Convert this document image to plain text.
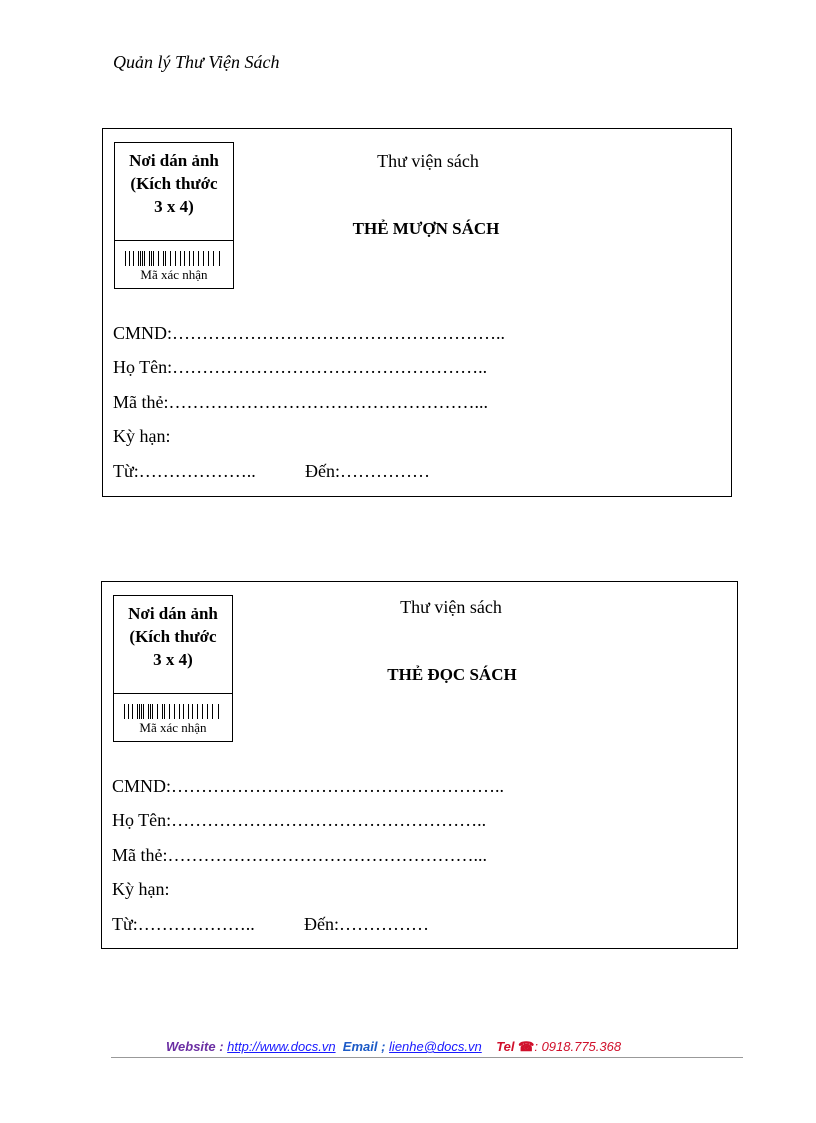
Quản lý Thư Viện Sách
Nơi dán ảnh
(Kích thước
3 x 4)
Mã xác nhận
Thư viện sách
THẺ MƯỢN SÁCH
CMND:………………………………………………..
Họ Tên:……………………………………………..
Mã thẻ:……………………………………………...
Kỳ hạn:
Từ:………………..	Đến:……………
Nơi dán ảnh
(Kích thước
3 x 4)
Mã xác nhận
Thư viện sách
THẺ ĐỌC SÁCH
CMND:………………………………………………..
Họ Tên:……………………………………………..
Mã thẻ:……………………………………………...
Kỳ hạn:
Từ:………………..	Đến:……………
Website : http://www.docs.vn Email ; lienhe@docs.vn Tel ☎: 0918.775.368
